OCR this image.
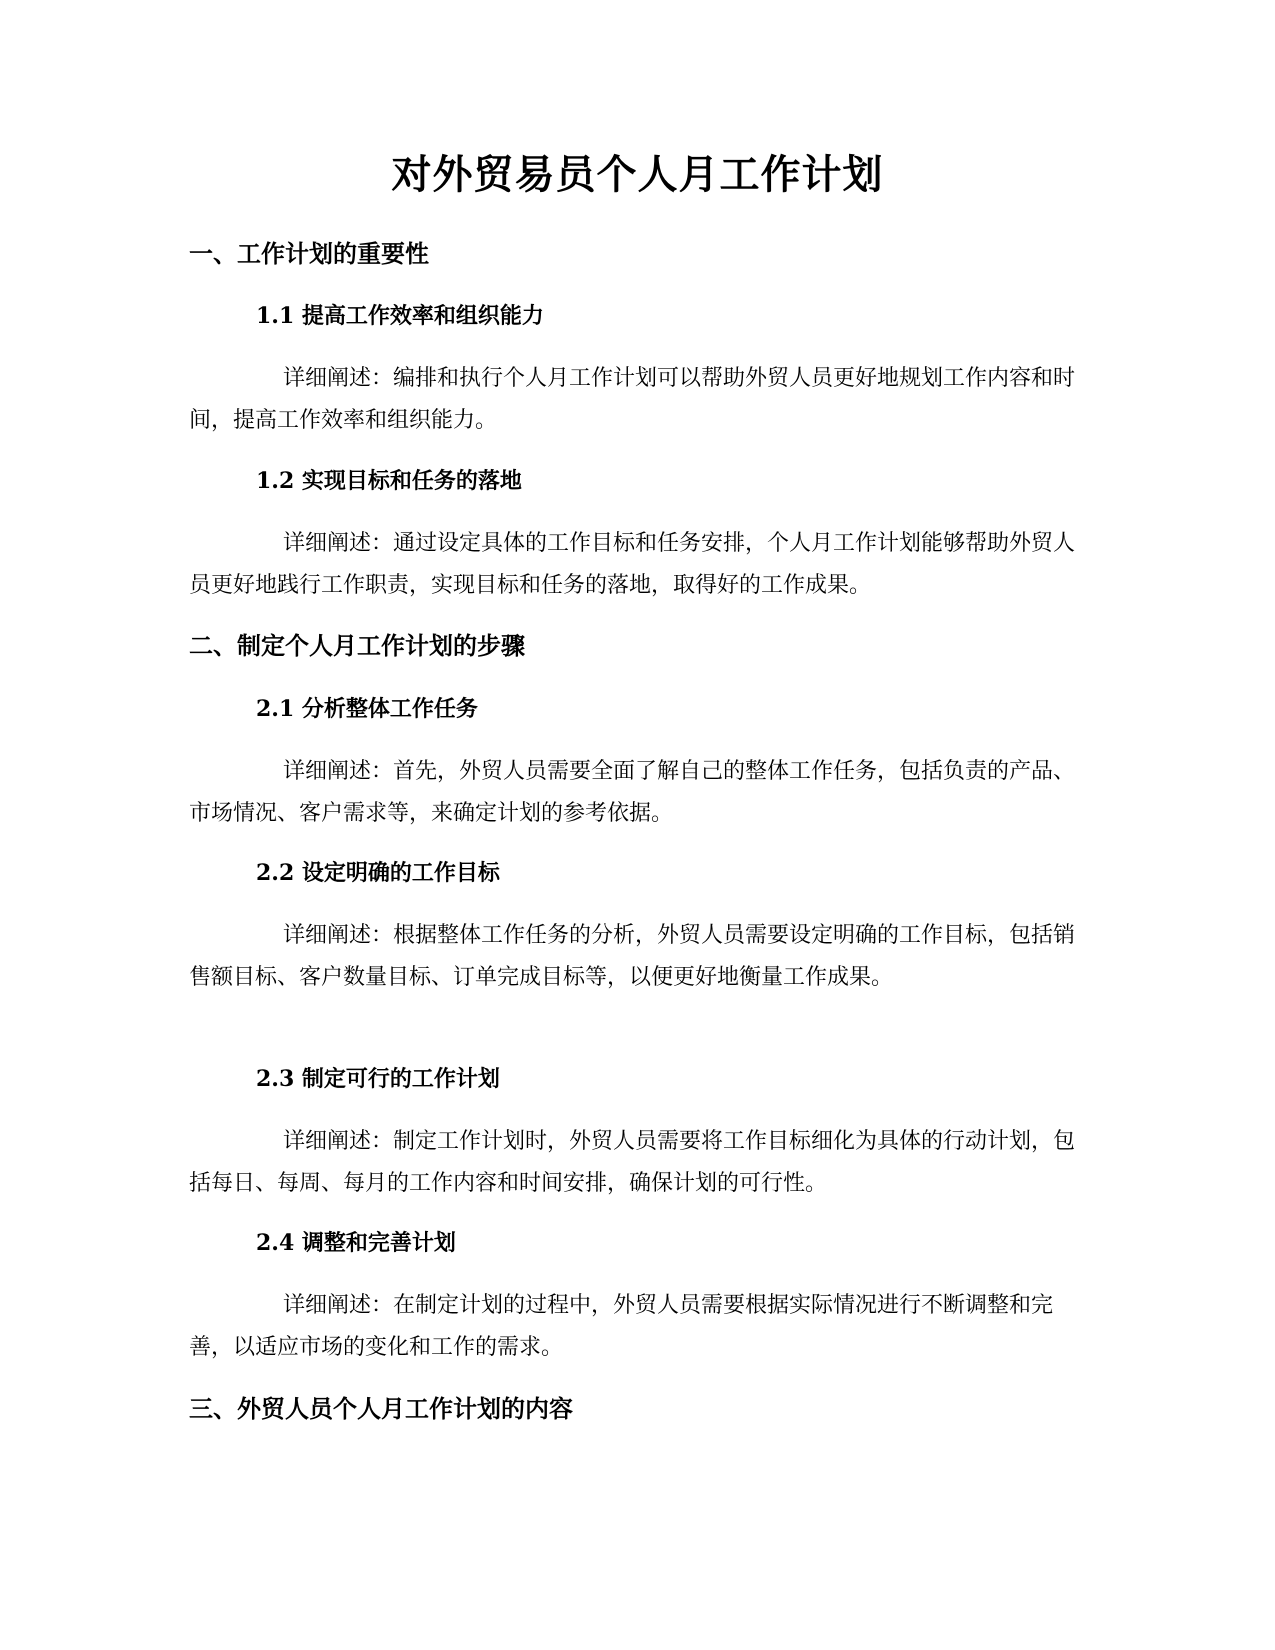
对外贸易员个人月工作计划
一、工作计划的重要性
1.1 提高工作效率和组织能力

详细阐述：编排和执行个人月工作计划可以帮助外贸人员更好地规划工作内容和时间，提高工作效率和组织能力。

1.2 实现目标和任务的落地

详细阐述：通过设定具体的工作目标和任务安排，个人月工作计划能够帮助外贸人员更好地践行工作职责，实现目标和任务的落地，取得好的工作成果。

二、制定个人月工作计划的步骤
2.1 分析整体工作任务

详细阐述：首先，外贸人员需要全面了解自己的整体工作任务，包括负责的产品、市场情况、客户需求等，来确定计划的参考依据。

2.2 设定明确的工作目标

详细阐述：根据整体工作任务的分析，外贸人员需要设定明确的工作目标，包括销售额目标、客户数量目标、订单完成目标等，以便更好地衡量工作成果。

2.3 制定可行的工作计划

详细阐述：制定工作计划时，外贸人员需要将工作目标细化为具体的行动计划，包括每日、每周、每月的工作内容和时间安排，确保计划的可行性。

2.4 调整和完善计划

详细阐述：在制定计划的过程中，外贸人员需要根据实际情况进行不断调整和完善，以适应市场的变化和工作的需求。

三、外贸人员个人月工作计划的内容
